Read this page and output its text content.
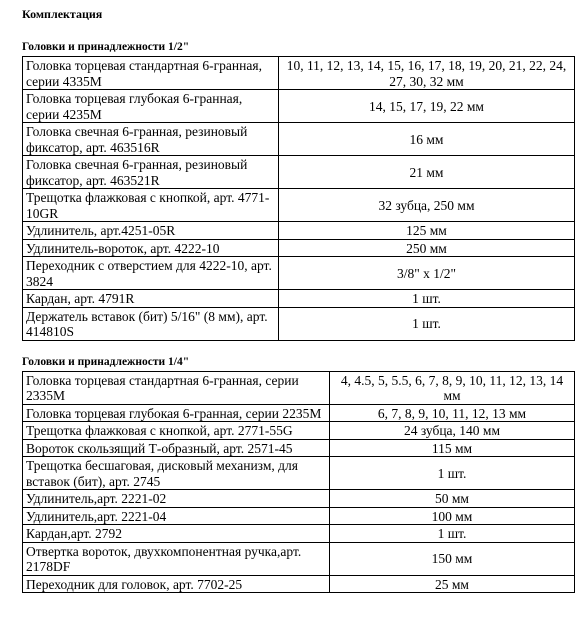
Комплектация
Головки и принадлежности 1/2"
Головка торцевая стандартная 6-гранная, серии 4335M	10, 11, 12, 13, 14, 15, 16, 17, 18, 19, 20, 21, 22, 24, 27, 30, 32 мм
Головка торцевая глубокая 6-гранная, серии 4235M	14, 15, 17, 19, 22 мм
Головка свечная 6-гранная, резиновый фиксатор, арт. 463516R	16 мм
Головка свечная 6-гранная, резиновый фиксатор, арт. 463521R	21 мм
Трещотка флажковая с кнопкой, арт. 4771-10GR	32 зубца, 250 мм
Удлинитель, арт.4251-05R	125 мм
Удлинитель-вороток, арт. 4222-10	250 мм
Переходник с отверстием для 4222-10, арт. 3824	3/8" х 1/2"
Кардан, арт. 4791R	1 шт.
Держатель вставок (бит) 5/16" (8 мм), арт. 414810S	1 шт.
Головки и принадлежности 1/4"
Головка торцевая стандартная 6-гранная, серии 2335M	4, 4.5, 5, 5.5, 6, 7, 8, 9, 10, 11, 12, 13, 14 мм
Головка торцевая глубокая 6-гранная, серии 2235M	6, 7, 8, 9, 10, 11, 12, 13 мм
Трещотка флажковая с кнопкой, арт. 2771-55G	24 зубца, 140 мм
Вороток скользящий Т-образный, арт. 2571-45	115 мм
Трещотка бесшаговая, дисковый механизм, для вставок (бит), арт. 2745	1 шт.
Удлинитель,арт. 2221-02	50 мм
Удлинитель,арт. 2221-04	100 мм
Кардан,арт. 2792	1 шт.
Отвертка вороток, двухкомпонентная ручка,арт. 2178DF	150 мм
Переходник для головок, арт. 7702-25	25 мм
